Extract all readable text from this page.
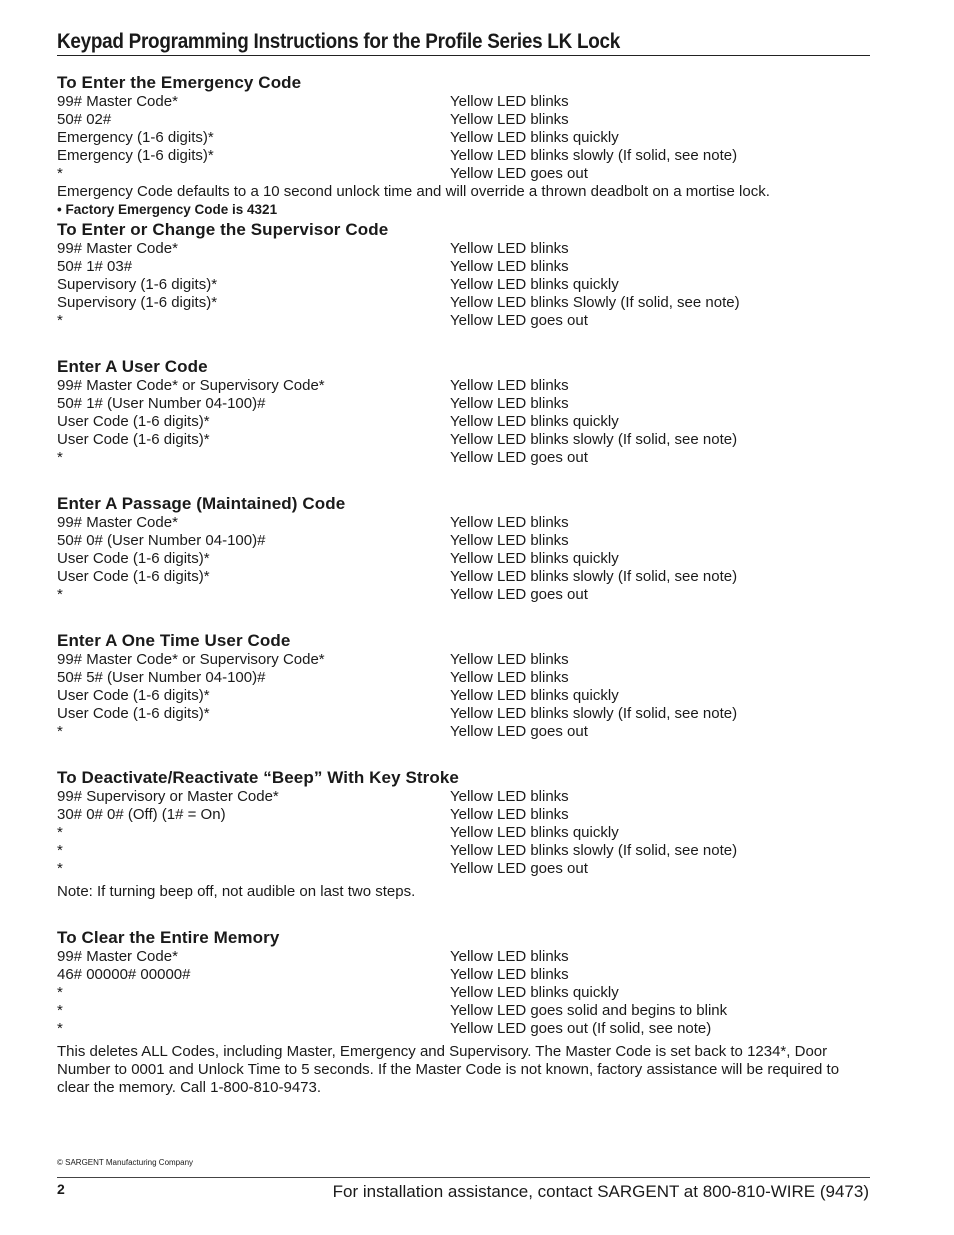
Keypad Programming Instructions for the Profile Series LK Lock
To Enter the Emergency Code
99# Master Code*	Yellow LED blinks
50# 02#	Yellow LED blinks
Emergency (1-6 digits)*	Yellow LED blinks quickly
Emergency (1-6 digits)*	Yellow LED blinks slowly (If solid, see note)
*	Yellow LED goes out

Emergency Code defaults to a 10 second unlock time and will override a thrown deadbolt on a mortise lock.

• Factory Emergency Code is 4321

To Enter or Change the Supervisor Code
99# Master Code*	Yellow LED blinks
50# 1# 03#	Yellow LED blinks
Supervisory (1-6 digits)*	Yellow LED blinks quickly
Supervisory (1-6 digits)*	Yellow LED blinks Slowly (If solid, see note)
*	Yellow LED goes out
Enter A User Code
99# Master Code* or Supervisory Code*	Yellow LED blinks
50# 1# (User Number 04-100)#	Yellow LED blinks
User Code (1-6 digits)*	Yellow LED blinks quickly
User Code (1-6 digits)*	Yellow LED blinks slowly (If solid, see note)
*	Yellow LED goes out
Enter A Passage (Maintained) Code
99# Master Code*	Yellow LED blinks
50# 0# (User Number 04-100)#	Yellow LED blinks
User Code (1-6 digits)*	Yellow LED blinks quickly
User Code (1-6 digits)*	Yellow LED blinks slowly (If solid, see note)
*	Yellow LED goes out
Enter A One Time User Code
99# Master Code* or Supervisory Code*	Yellow LED blinks
50# 5# (User Number 04-100)#	Yellow LED blinks
User Code (1-6 digits)*	Yellow LED blinks quickly
User Code (1-6 digits)*	Yellow LED blinks slowly (If solid, see note)
*	Yellow LED goes out
To Deactivate/Reactivate “Beep” With Key Stroke
99# Supervisory or Master Code*	Yellow LED blinks
30# 0# 0# (Off) (1# = On)	Yellow LED blinks
*	Yellow LED blinks quickly
*	Yellow LED blinks slowly (If solid, see note)
*	Yellow LED goes out

Note: If turning beep off, not audible on last two steps.

To Clear the Entire Memory
99# Master Code*	Yellow LED blinks
46# 00000# 00000#	Yellow LED blinks
*	Yellow LED blinks quickly
*	Yellow LED goes solid and begins to blink
*	Yellow LED goes out (If solid, see note)

This deletes ALL Codes, including Master, Emergency and Supervisory. The Master Code is set back to 1234*, Door Number to 0001 and Unlock Time to 5 seconds. If the Master Code is not known, factory assistance will be required to clear the memory. Call 1-800-810-9473.

© SARGENT Manufacturing Company
2	For installation assistance, contact SARGENT at 800-810-WIRE (9473)
